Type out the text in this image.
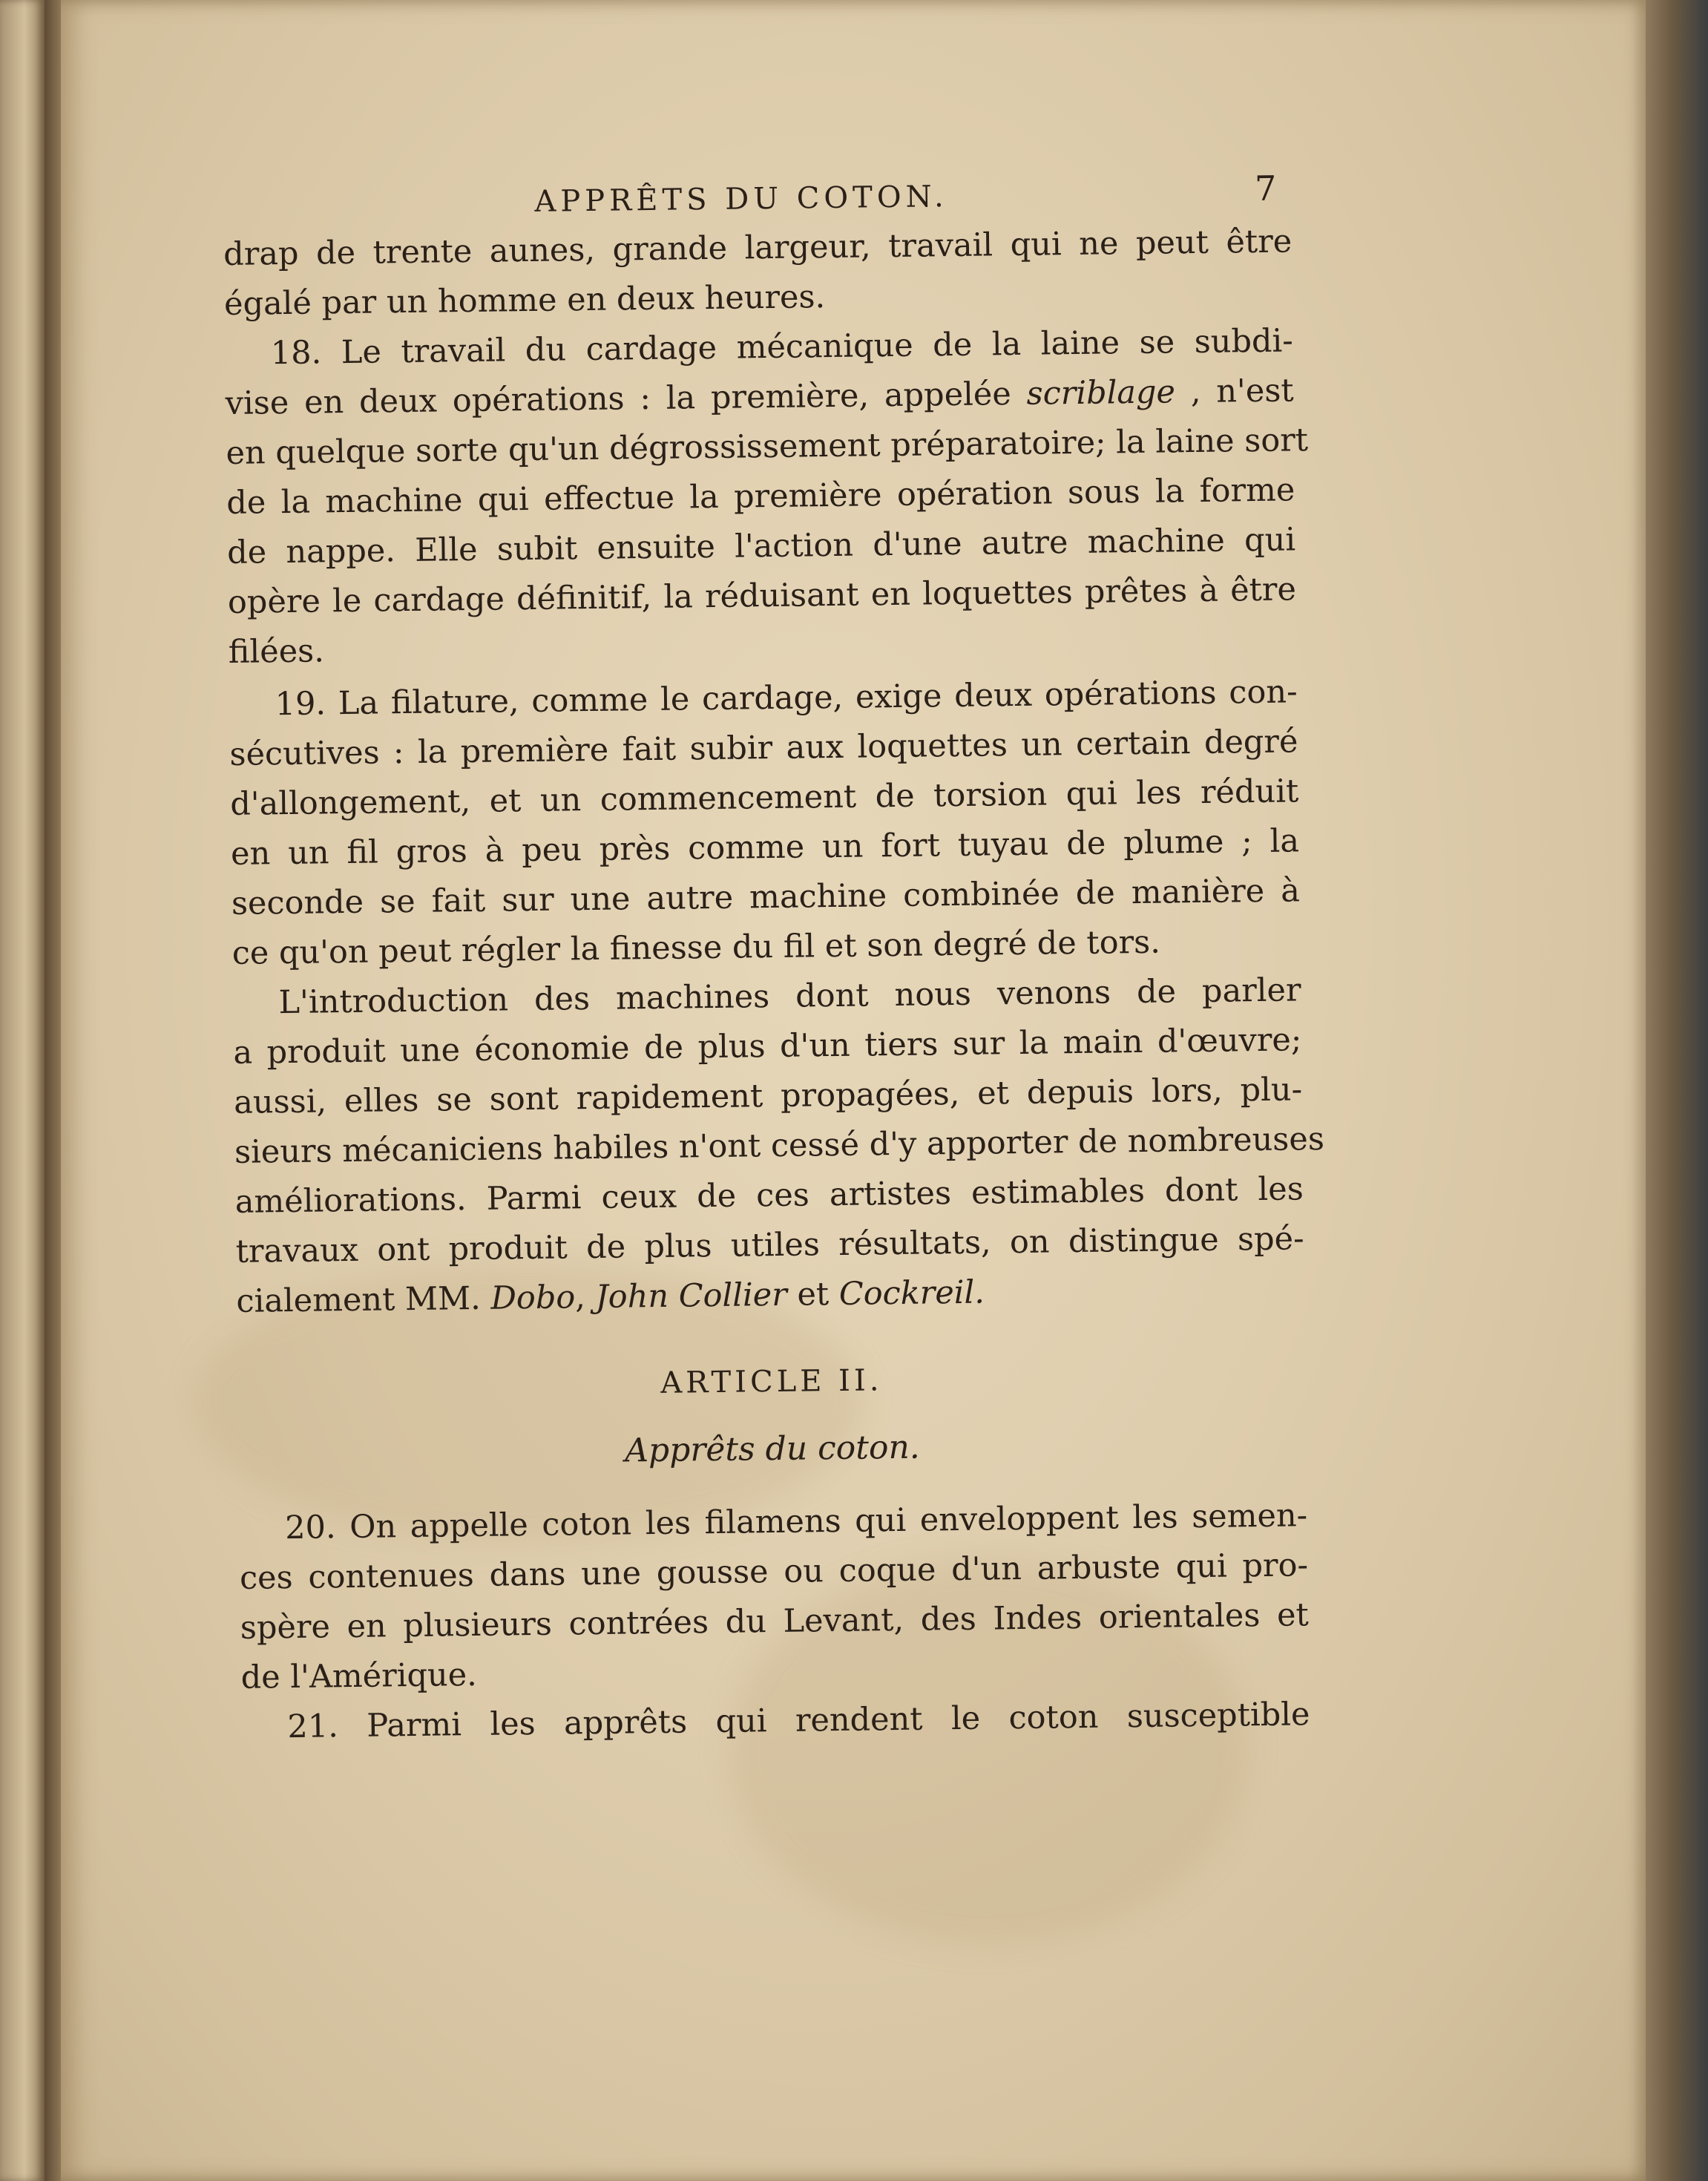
APPRÊTS DU COTON.	7

drap de trente aunes, grande largeur, travail qui ne peut être
égalé par un homme en deux heures.

18. Le travail du cardage mécanique de la laine se subdi-
vise en deux opérations : la première, appelée scriblage , n'est
en quelque sorte qu'un dégrossissement préparatoire; la laine sort
de la machine qui effectue la première opération sous la forme
de nappe. Elle subit ensuite l'action d'une autre machine qui
opère le cardage définitif, la réduisant en loquettes prêtes à être
filées.

19. La filature, comme le cardage, exige deux opérations con-
sécutives : la première fait subir aux loquettes un certain degré
d'allongement, et un commencement de torsion qui les réduit
en un fil gros à peu près comme un fort tuyau de plume ; la
seconde se fait sur une autre machine combinée de manière à
ce qu'on peut régler la finesse du fil et son degré de tors.

L'introduction des machines dont nous venons de parler
a produit une économie de plus d'un tiers sur la main d'œuvre;
aussi, elles se sont rapidement propagées, et depuis lors, plu-
sieurs mécaniciens habiles n'ont cessé d'y apporter de nombreuses
améliorations. Parmi ceux de ces artistes estimables dont les
travaux ont produit de plus utiles résultats, on distingue spé-
cialement MM. Dobo, John Collier et Cockreil.

ARTICLE II.
Apprêts du coton.

20. On appelle coton les filamens qui enveloppent les semen-
ces contenues dans une gousse ou coque d'un arbuste qui pro-
spère en plusieurs contrées du Levant, des Indes orientales et
de l'Amérique.

21. Parmi les apprêts qui rendent le coton susceptible
